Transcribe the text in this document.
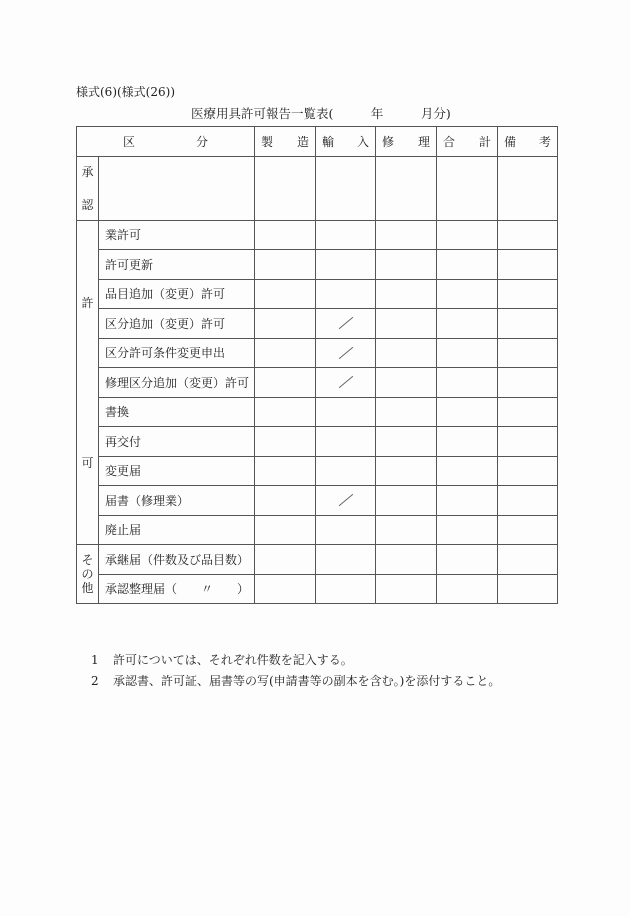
様式(6)(様式(26))
医療用具許可報告一覧表(　　　年　　　月分)
区 分		製 造	輸 入	修 理	合 計	備 考

承
認						

許
可	業許可					
	許可更新					
	品目追加（変更）許可					
	区分追加（変更）許可		

	区分許可条件変更申出		

	修理区分追加（変更）許可		

	書換					
	再交付					
	変更届					
	届書（修理業）		

	廃止届					

そ
の
他	承継届（件数及び品目数）					
	承認整理届（　　〃　　）					
1 許可については、それぞれ件数を記入する。
2 承認書、許可証、届書等の写(申請書等の副本を含む。)を添付すること。
